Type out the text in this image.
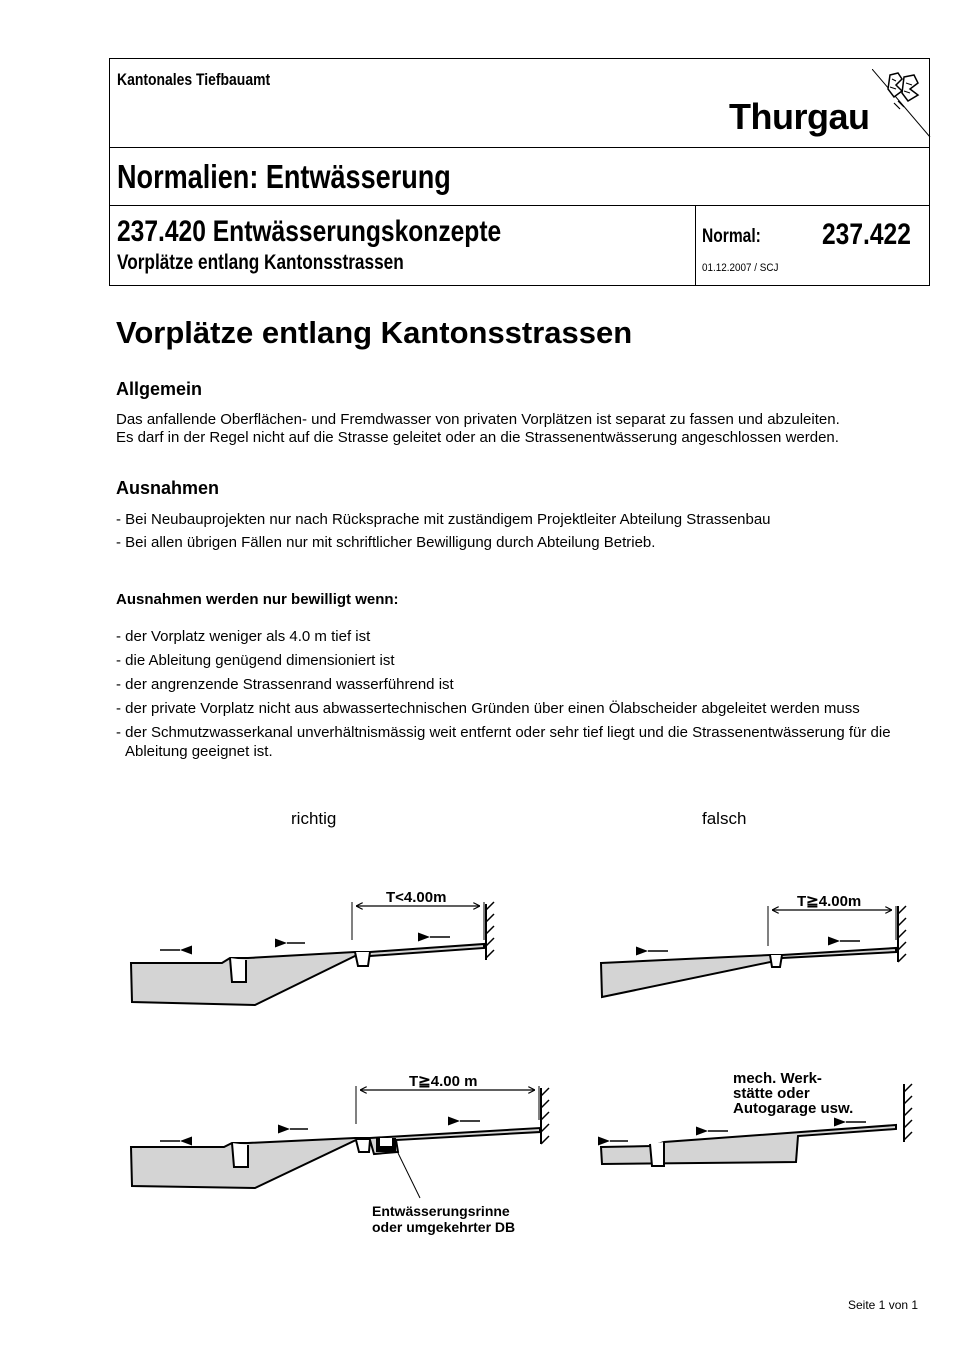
Kantonales Tiefbauamt
Thurgau
Normalien: Entwässerung
237.420 Entwässerungskonzepte
Vorplätze entlang Kantonsstrassen
Normal: 237.422
01.12.2007 / SCJ
Vorplätze entlang Kantonsstrassen
Allgemein
Das anfallende Oberflächen- und Fremdwasser von privaten Vorplätzen ist separat zu fassen und abzuleiten.
Es darf in der Regel nicht auf die Strasse geleitet oder an die Strassenentwässerung angeschlossen werden.
Ausnahmen
- Bei Neubauprojekten nur nach Rücksprache mit zuständigem Projektleiter Abteilung Strassenbau
- Bei allen übrigen Fällen nur mit schriftlicher Bewilligung durch Abteilung Betrieb.
Ausnahmen werden nur bewilligt wenn:
- der Vorplatz weniger als 4.0 m tief ist
- die Ableitung genügend dimensioniert ist
- der angrenzende Strassenrand wasserführend ist
- der private Vorplatz nicht aus abwassertechnischen Gründen über einen Ölabscheider abgeleitet werden muss
- der Schmutzwasserkanal unverhältnismässig weit entfernt oder sehr tief liegt und die Strassenentwässerung für die Ableitung geeignet ist.
richtig	falsch
T<4.00m	T≧4.00m
T≧4.00 m
Entwässerungsrinne
oder umgekehrter DB
mech. Werk-
stätte oder
Autogarage usw.
Seite 1 von 1
